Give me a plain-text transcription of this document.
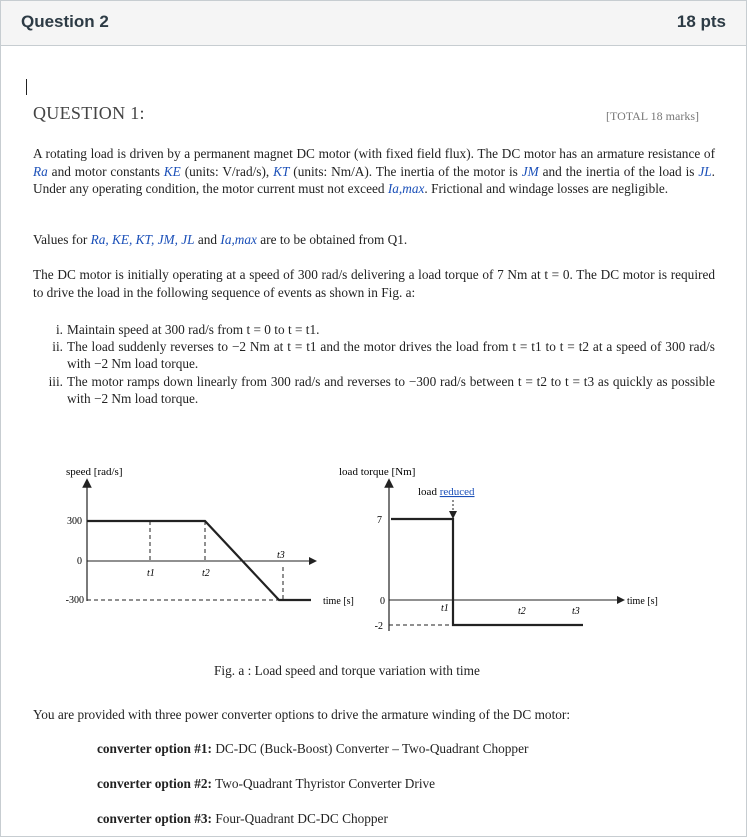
Question 2	18 pts
QUESTION 1:	[TOTAL 18 marks]
A rotating load is driven by a permanent magnet DC motor (with fixed field flux). The DC motor has an armature resistance of Ra and motor constants KE (units: V/rad/s), KT (units: Nm/A). The inertia of the motor is JM and the inertia of the load is JL. Under any operating condition, the motor current must not exceed Ia,max. Frictional and windage losses are negligible.
Values for Ra, KE, KT, JM, JL and Ia,max are to be obtained from Q1.
The DC motor is initially operating at a speed of 300 rad/s delivering a load torque of 7 Nm at t = 0. The DC motor is required to drive the load in the following sequence of events as shown in Fig. a:
i. Maintain speed at 300 rad/s from t = 0 to t = t1.
ii. The load suddenly reverses to −2 Nm at t = t1 and the motor drives the load from t = t1 to t = t2 at a speed of 300 rad/s with −2 Nm load torque.
iii. The motor ramps down linearly from 300 rad/s and reverses to −300 rad/s between t = t2 to t = t3 as quickly as possible with −2 Nm load torque.
speed [rad/s]
300
0
-300
t1	t2
t3
time [s]
load torque [Nm]
7
0
-2
load reduced
t1	t2	t3
time [s]
Fig. a : Load speed and torque variation with time
You are provided with three power converter options to drive the armature winding of the DC motor:
converter option #1: DC-DC (Buck-Boost) Converter – Two-Quadrant Chopper
converter option #2: Two-Quadrant Thyristor Converter Drive
converter option #3: Four-Quadrant DC-DC Chopper
